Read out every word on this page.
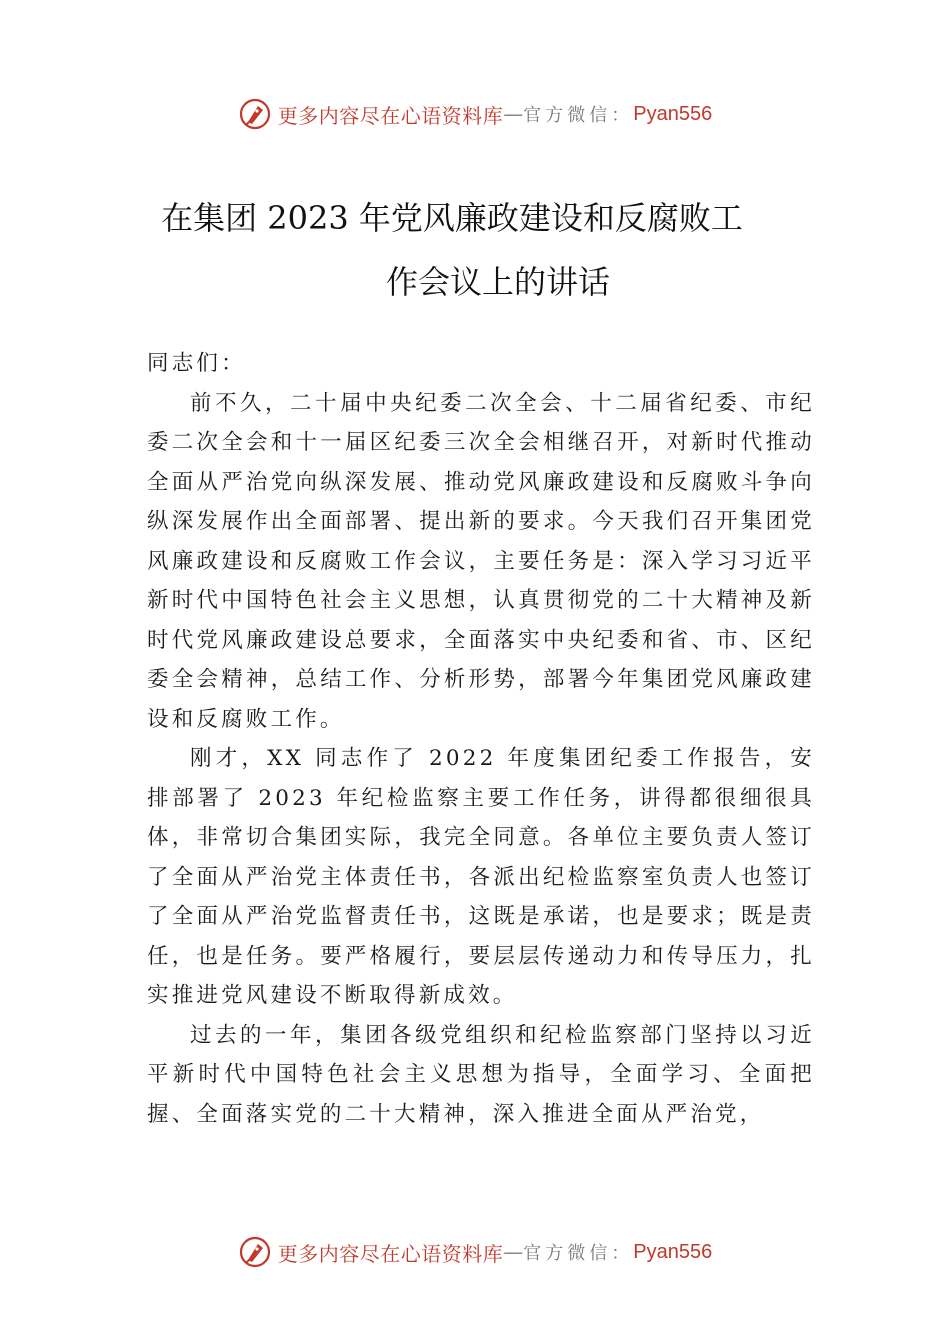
更多内容尽在心语资料库 — 官方微信： Pyan556
在集团 2023 年党风廉政建设和反腐败工
作会议上的讲话

同志们：

前不久，二十届中央纪委二次全会、十二届省纪委、市纪委二次全会和十一届区纪委三次全会相继召开，对新时代推动全面从严治党向纵深发展、推动党风廉政建设和反腐败斗争向纵深发展作出全面部署、提出新的要求。今天我们召开集团党风廉政建设和反腐败工作会议，主要任务是：深入学习习近平新时代中国特色社会主义思想，认真贯彻党的二十大精神及新时代党风廉政建设总要求，全面落实中央纪委和省、市、区纪委全会精神，总结工作、分析形势，部署今年集团党风廉政建设和反腐败工作。

刚才，XX 同志作了 2022 年度集团纪委工作报告，安排部署了 2023 年纪检监察主要工作任务，讲得都很细很具体，非常切合集团实际，我完全同意。各单位主要负责人签订了全面从严治党主体责任书，各派出纪检监察室负责人也签订了全面从严治党监督责任书，这既是承诺，也是要求；既是责任，也是任务。要严格履行，要层层传递动力和传导压力，扎实推进党风建设不断取得新成效。

过去的一年，集团各级党组织和纪检监察部门坚持以习近平新时代中国特色社会主义思想为指导，全面学习、全面把握、全面落实党的二十大精神，深入推进全面从严治党，

更多内容尽在心语资料库 — 官方微信： Pyan556
